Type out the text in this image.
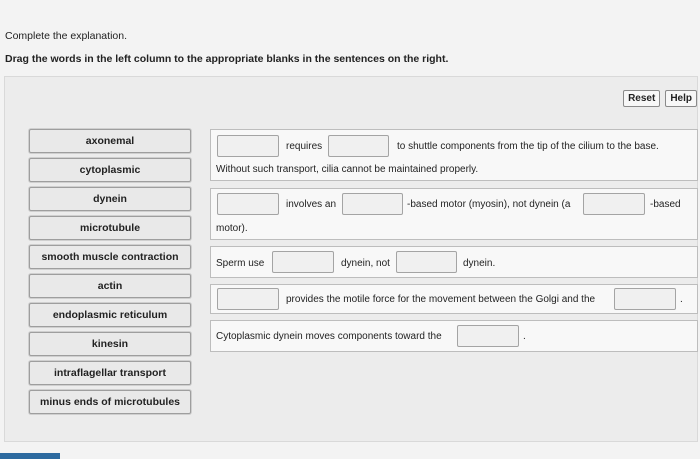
Complete the explanation.
Drag the words in the left column to the appropriate blanks in the sentences on the right.
Reset	Help
axonemal
cytoplasmic
dynein
microtubule
smooth muscle contraction
actin
endoplasmic reticulum
kinesin
intraflagellar transport
minus ends of microtubules
requires	to shuttle components from the tip of the cilium to the base.
Without such transport, cilia cannot be maintained properly.
involves an	-based motor (myosin), not dynein (a	-based
motor).
Sperm use	dynein, not	dynein.
provides the motile force for the movement between the Golgi and the	.
Cytoplasmic dynein moves components toward the	.
